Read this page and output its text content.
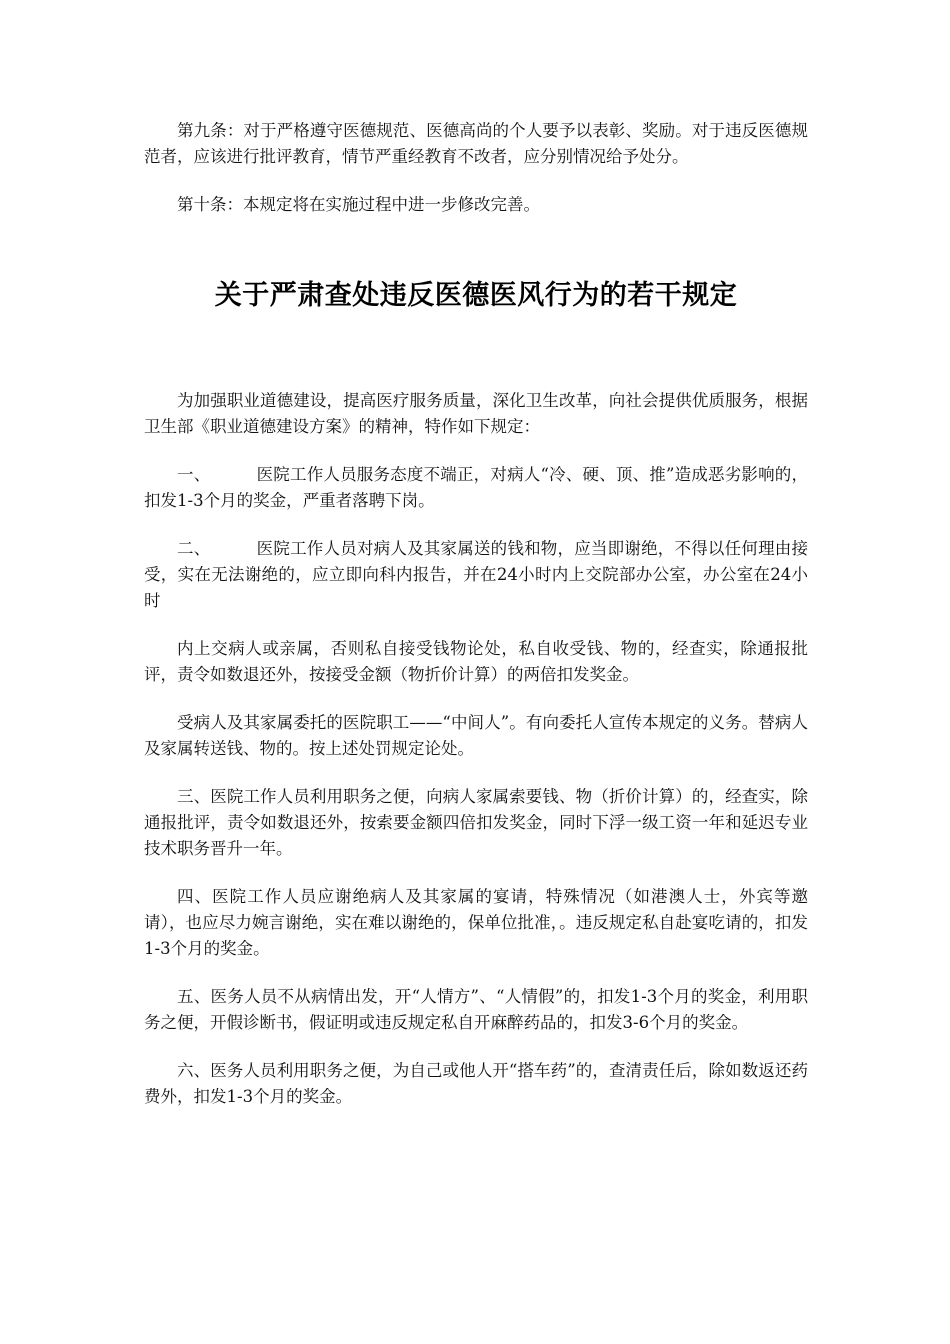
第九条：对于严格遵守医德规范、医德高尚的个人要予以表彰、奖励。对于违反医德规范者，应该进行批评教育，情节严重经教育不改者，应分别情况给予处分。

第十条：本规定将在实施过程中进一步修改完善。

关于严肃查处违反医德医风行为的若干规定

为加强职业道德建设，提高医疗服务质量，深化卫生改革，向社会提供优质服务，根据卫生部《职业道德建设方案》的精神，特作如下规定：

一、	医院工作人员服务态度不端正，对病人“冷、硬、顶、推”造成恶劣影响的，扣发1-3个月的奖金，严重者落聘下岗。

二、	医院工作人员对病人及其家属送的钱和物，应当即谢绝，不得以任何理由接受，实在无法谢绝的，应立即向科内报告，并在24小时内上交院部办公室，办公室在24小时

内上交病人或亲属，否则私自接受钱物论处，私自收受钱、物的，经查实，除通报批评，责令如数退还外，按接受金额（物折价计算）的两倍扣发奖金。

受病人及其家属委托的医院职工——“中间人”。有向委托人宣传本规定的义务。替病人及家属转送钱、物的。按上述处罚规定论处。

三、医院工作人员利用职务之便，向病人家属索要钱、物（折价计算）的，经查实，除通报批评，责令如数退还外，按索要金额四倍扣发奖金，同时下浮一级工资一年和延迟专业技术职务晋升一年。

四、医院工作人员应谢绝病人及其家属的宴请，特殊情况（如港澳人士，外宾等邀请），也应尽力婉言谢绝，实在难以谢绝的，保单位批准，。违反规定私自赴宴吃请的，扣发1-3个月的奖金。

五、医务人员不从病情出发，开“人情方”、“人情假”的，扣发1-3个月的奖金，利用职务之便，开假诊断书，假证明或违反规定私自开麻醉药品的，扣发3-6个月的奖金。

六、医务人员利用职务之便，为自己或他人开“搭车药”的，查清责任后，除如数返还药费外，扣发1-3个月的奖金。
